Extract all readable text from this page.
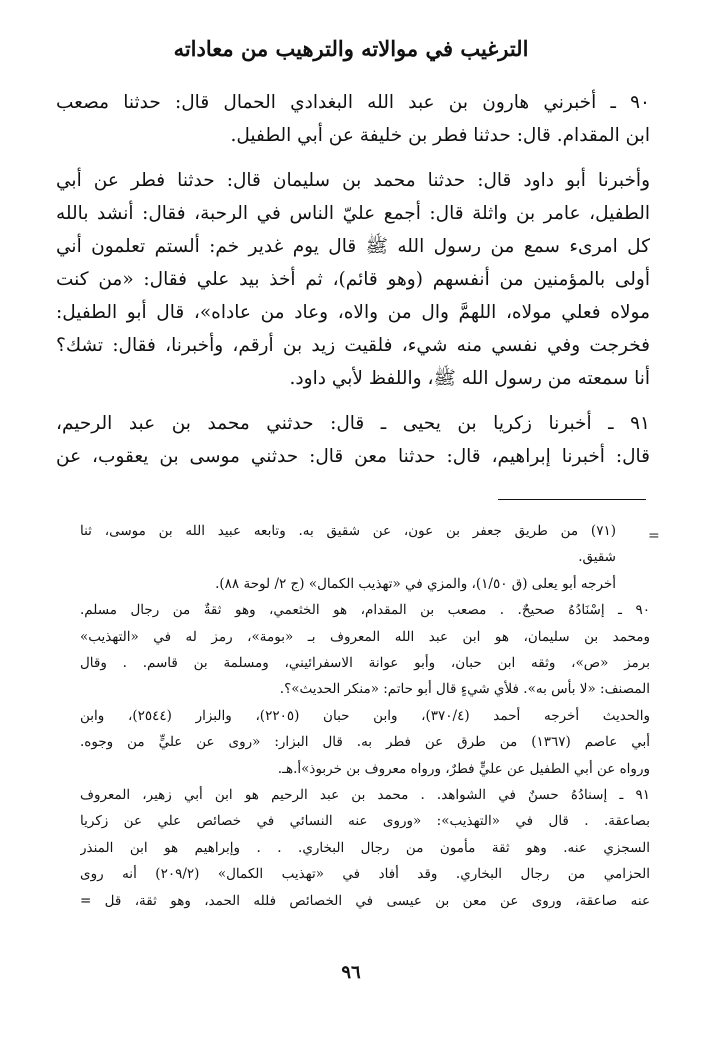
الترغيب في موالاته والترهيب من معاداته

٩٠ ـ أخبرني هارون بن عبد الله البغدادي الحمال قال: حدثنا مصعب
ابن المقدام. قال: حدثنا فطر بن خليفة عن أبي الطفيل.

وأخبرنا أبو داود قال: حدثنا محمد بن سليمان قال: حدثنا فطر عن أبي
الطفيل، عامر بن واثلة قال: أجمع عليّ الناس في الرحبة، فقال: أنشد بالله
كل امرىء سمع من رسول الله ﷺ قال يوم غدير خم: ألستم تعلمون أني
أولى بالمؤمنين من أنفسهم (وهو قائم)، ثم أخذ بيد علي فقال: «من كنت
مولاه فعلي مولاه، اللهمَّ وال من والاه، وعاد من عاداه»، قال أبو الطفيل:
فخرجت وفي نفسي منه شيء، فلقيت زيد بن أرقم، وأخبرنا، فقال: تشك؟
أنا سمعته من رسول الله ﷺ، واللفظ لأبي داود.

٩١ ـ أخبرنا زكريا بن يحيى ـ قال: حدثني محمد بن عبد الرحيم،
قال: أخبرنا إبراهيم، قال: حدثنا معن قال: حدثني موسى بن يعقوب، عن

(٧١) من طريق جعفر بن عون، عن شقيق به. وتابعه عبيد الله بن موسى، ثنا
شقيق.
أخرجه أبو يعلى (ق ١/٥٠)، والمزي في «تهذيب الكمال» (ج ٢/ لوحة ٨٨).
٩٠ ـ إسْنَادُهُ صحيحٌ. . مصعب بن المقدام، هو الخثعمي، وهو ثقةٌ من رجال مسلم.
ومحمد بن سليمان، هو ابن عبد الله المعروف بـ «بومة»، رمز له في «التهذيب»
برمز «ص»، وثقه ابن حبان، وأبو عوانة الاسفرائيني، ومسلمة بن قاسم. . وقال
المصنف: «لا بأس به». فلأي شيءٍ قال أبو حاتم: «منكر الحديث»؟.
والحديث أخرجه أحمد (٣٧٠/٤)، وابن حبان (٢٢٠٥)، والبزار (٢٥٤٤)، وابن
أبي عاصم (١٣٦٧) من طرق عن فطر به. قال البزار: «روى عن عليٍّ من وجوه.
ورواه عن أبي الطفيل عن عليٍّ فطرٌ، ورواه معروف بن خربوذ»أ.هـ.
٩١ ـ إسنادُهُ حسنٌ في الشواهد. . محمد بن عبد الرحيم هو ابن أبي زهير، المعروف
بصاعقة. . قال في «التهذيب»: «وروى عنه النسائي في خصائص علي عن زكريا
السجزي عنه. وهو ثقة مأمون من رجال البخاري. . . وإبراهيم هو ابن المنذر
الحزامي من رجال البخاري. وقد أفاد في «تهذيب الكمال» (٢٠٩/٢) أنه روى
عنه صاعقة، وروى عن معن بن عيسى في الخصائص فلله الحمد، وهو ثقة، قل =
=
٩٦
